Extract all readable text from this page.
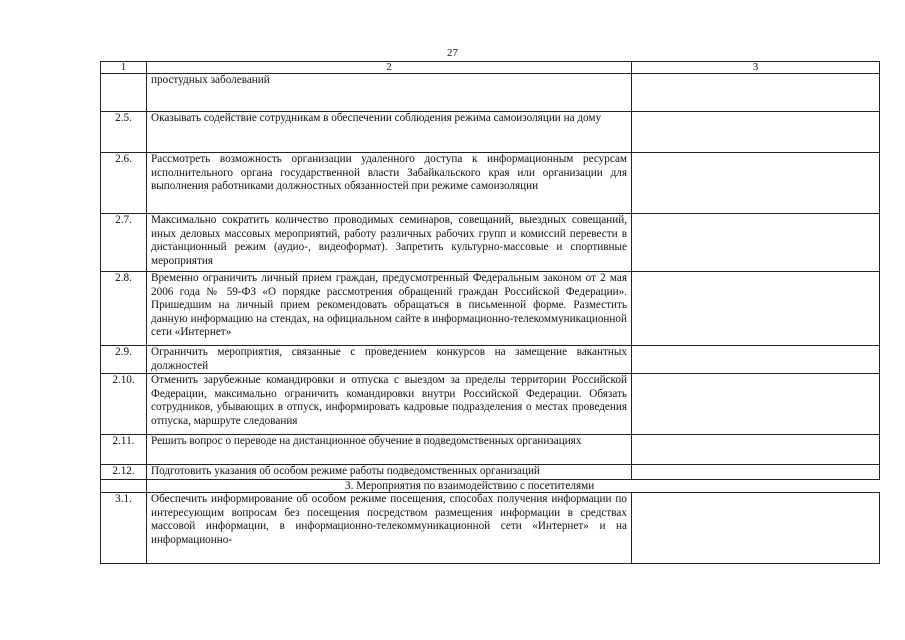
27
1	2	3
	простудных заболеваний	
2.5.	Оказывать содействие сотрудникам в обеспечении соблюдения режима самоизоляции на дому	
2.6.	Рассмотреть возможность организации удаленного доступа к информационным ресурсам исполнительного органа государственной власти Забайкальского края или организации для выполнения работниками должностных обязанностей при режиме самоизоляции	
2.7.	Максимально сократить количество проводимых семинаров, совещаний, выездных совещаний, иных деловых массовых мероприятий, работу различных рабочих групп и комиссий перевести в дистанционный режим (аудио-, видеоформат). Запретить культурно-массовые и спортивные мероприятия	
2.8.	Временно ограничить личный прием граждан, предусмотренный Федеральным законом от 2 мая 2006 года № 59-ФЗ «О порядке рассмотрения обращений граждан Российской Федерации». Пришедшим на личный прием рекомендовать обращаться в письменной форме. Разместить данную информацию на стендах, на официальном сайте в информационно-телекоммуникационной сети «Интернет»	
2.9.	Ограничить мероприятия, связанные с проведением конкурсов на замещение вакантных должностей	
2.10.	Отменить зарубежные командировки и отпуска с выездом за пределы территории Российской Федерации, максимально ограничить командировки внутри Российской Федерации. Обязать сотрудников, убывающих в отпуск, информировать кадровые подразделения о местах проведения отпуска, маршруте следования	
2.11.	Решить вопрос о переводе на дистанционное обучение в подведомственных организациях	
2.12.	Подготовить указания об особом режиме работы подведомственных организаций	
	3. Мероприятия по взаимодействию с посетителями	
3.1.	Обеспечить информирование об особом режиме посещения, способах получения информации по интересующим вопросам без посещения посредством размещения информации в средствах массовой информации, в информационно-телекоммуникационной сети «Интернет» и на информационно-	
